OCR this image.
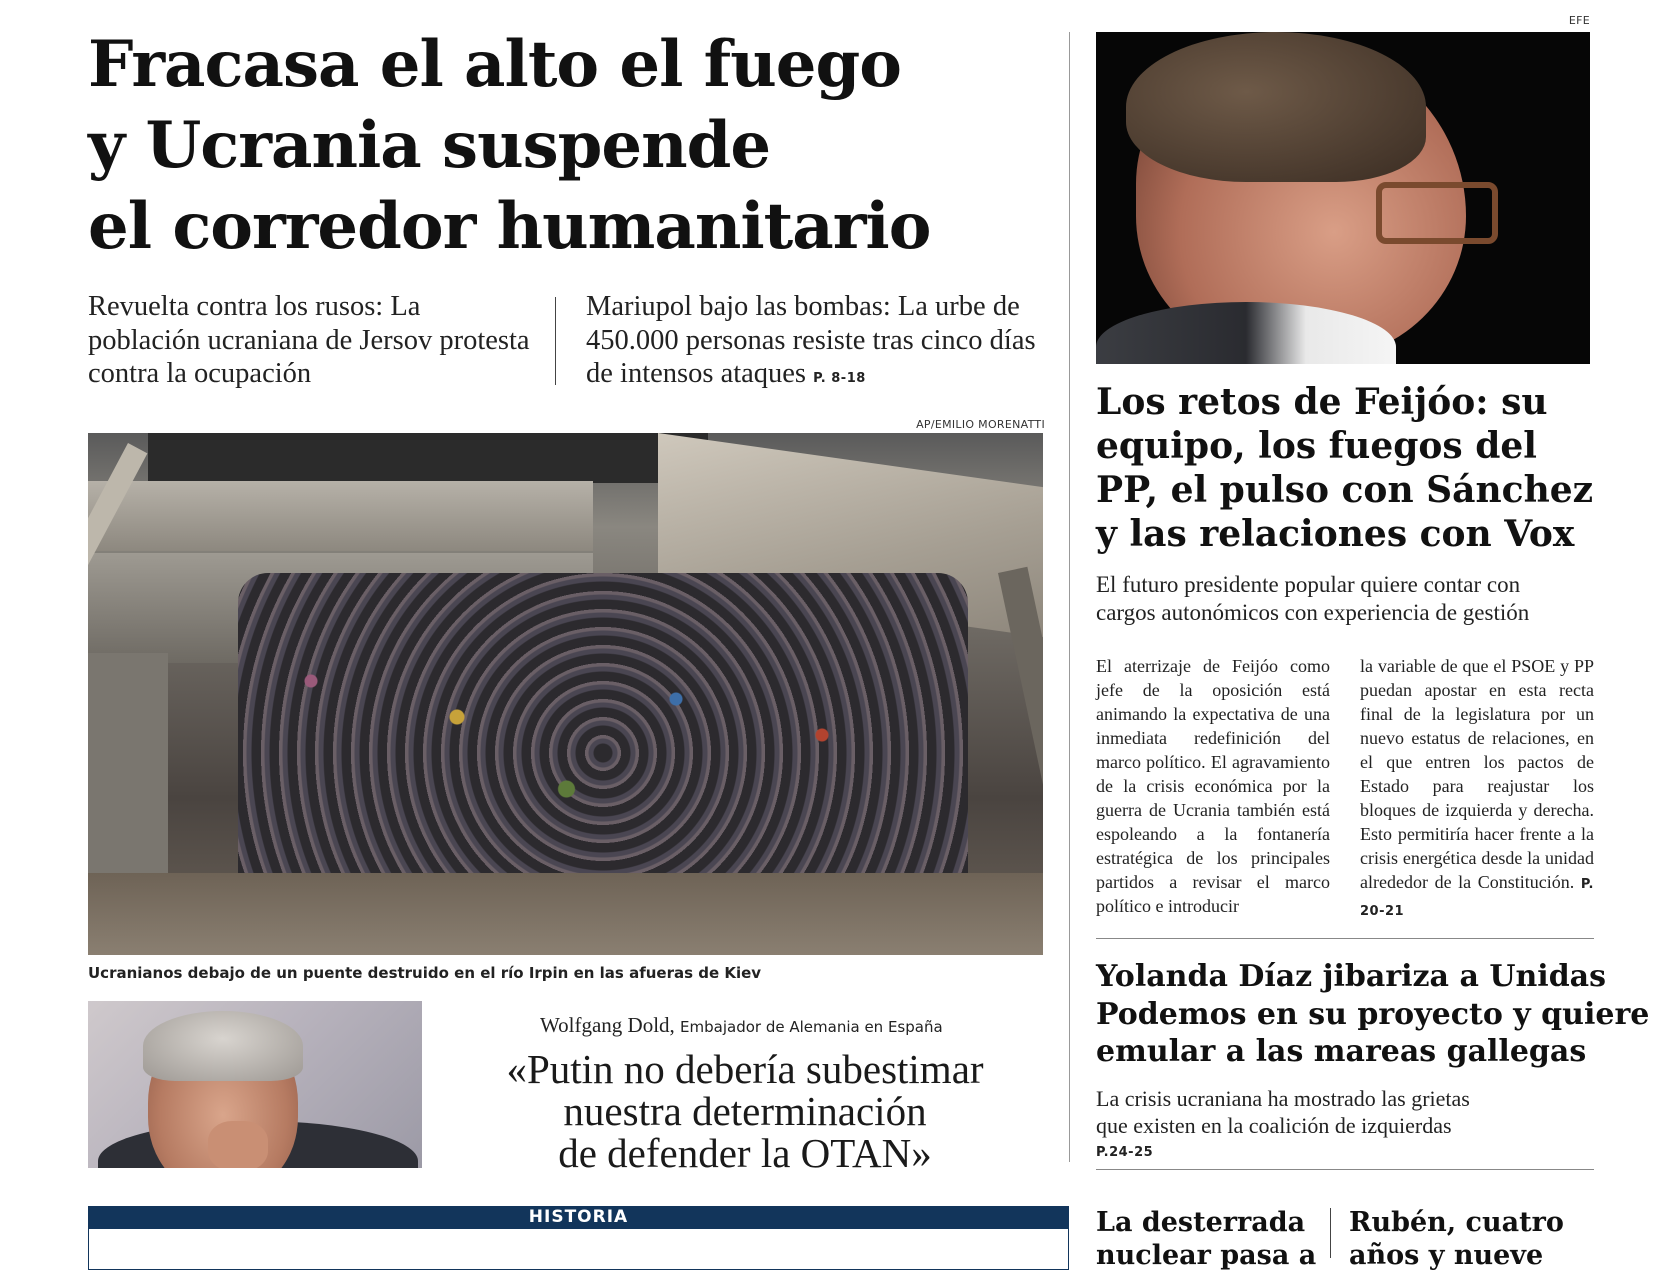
Fracasa el alto el fuego
y Ucrania suspende
el corredor humanitario
Revuelta contra los rusos: La población ucraniana de Jersov protesta contra la ocupación
Mariupol bajo las bombas: La urbe de 450.000 personas resiste tras cinco días de intensos ataques P. 8-18
AP/EMILIO MORENATTI
Ucranianos debajo de un puente destruido en el río Irpin en las afueras de Kiev
Wolfgang Dold, Embajador de Alemania en España
«Putin no debería subestimar
nuestra determinación
de defender la OTAN»
HISTORIA
EFE
Los retos de Feijóo: su
equipo, los fuegos del
PP, el pulso con Sánchez
y las relaciones con Vox
El futuro presidente popular quiere contar con
cargos autonómicos con experiencia de gestión
El aterrizaje de Feijóo como jefe de la oposición está animando la expectativa de una inmediata redefinición del marco político. El agravamiento de la crisis económica por la guerra de Ucrania también está espoleando a la fontanería estratégica de los principales partidos a revisar el marco político e introducir
la variable de que el PSOE y PP puedan apostar en esta recta final de la legislatura por un nuevo estatus de relaciones, en el que entren los pactos de Estado para reajustar los bloques de izquierda y derecha. Esto permitiría hacer frente a la crisis energética desde la unidad alrededor de la Constitución. P. 20-21
Yolanda Díaz jibariza a Unidas
Podemos en su proyecto y quiere
emular a las mareas gallegas
La crisis ucraniana ha mostrado las grietas
que existen en la coalición de izquierdas
P.24-25
La desterrada
nuclear pasa a
Rubén, cuatro
años y nueve
